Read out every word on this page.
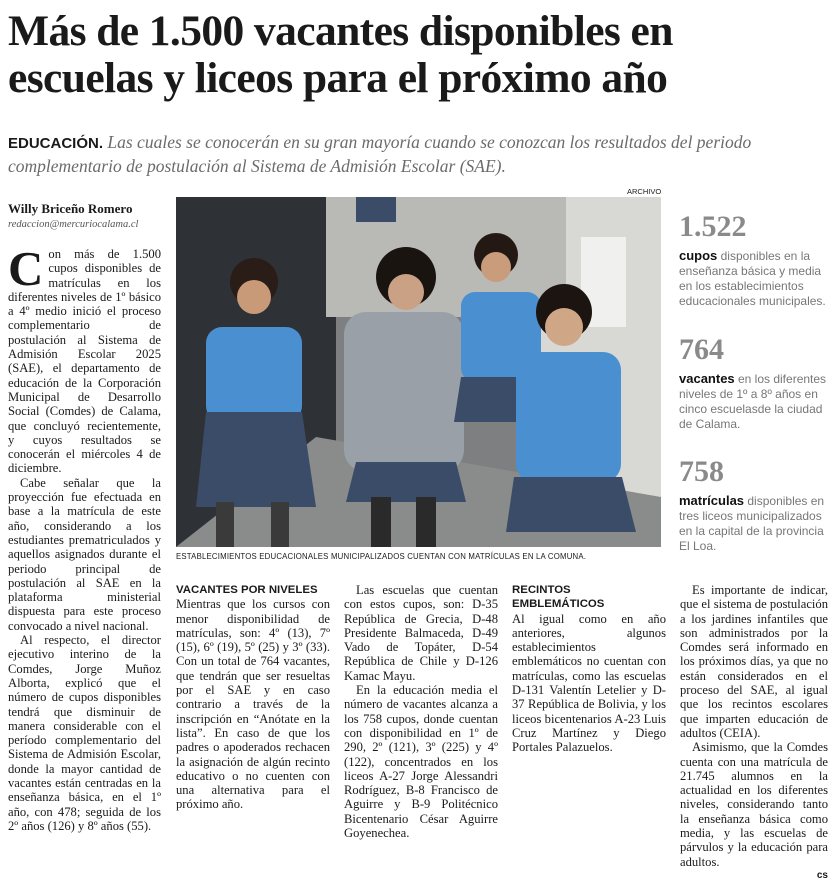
Más de 1.500 vacantes disponibles en escuelas y liceos para el próximo año

EDUCACIÓN. Las cuales se conocerán en su gran mayoría cuando se conozcan los resultados del periodo complementario de postulación al Sistema de Admisión Escolar (SAE).

Willy Briceño Romero
redaccion@mercuriocalama.cl
C on más de 1.500 cupos disponibles de matrículas en los diferentes niveles de 1º básico a 4º medio inició el proceso complementario de postulación al Sistema de Admisión Escolar 2025 (SAE), el departamento de educación de la Corporación Municipal de Desarrollo Social (Comdes) de Calama, que concluyó recientemente, y cuyos resultados se conocerán el miércoles 4 de diciembre.

Cabe señalar que la proyección fue efectuada en base a la matrícula de este año, considerando a los estudiantes prematriculados y aquellos asignados durante el periodo principal de postulación al SAE en la plataforma ministerial dispuesta para este proceso convocado a nivel nacional.

Al respecto, el director ejecutivo interino de la Comdes, Jorge Muñoz Alborta, explicó que el número de cupos disponibles tendrá que disminuir de manera considerable con el período complementario del Sistema de Admisión Escolar, donde la mayor cantidad de vacantes están centradas en la enseñanza básica, en el 1º año, con 478; seguida de los 2º años (126) y 8º años (55).

ARCHIVO
ESTABLECIMIENTOS EDUCACIONALES MUNICIPALIZADOS CUENTAN CON MATRÍCULAS EN LA COMUNA.
1.522
cupos disponibles en la enseñanza básica y media en los establecimientos educacionales municipales.
764
vacantes en los diferentes niveles de 1º a 8º años en cinco escuelasde la ciudad de Calama.
758
matrículas disponibles en tres liceos municipalizados en la capital de la provincia El Loa.

VACANTES POR NIVELES

Mientras que los cursos con menor disponibilidad de matrículas, son: 4º (13), 7º (15), 6º (19), 5º (25) y 3º (33). Con un total de 764 vacantes, que tendrán que ser resueltas por el SAE y en caso contrario a través de la inscripción en “Anótate en la lista”. En caso de que los padres o apoderados rechacen la asignación de algún recinto educativo o no cuenten con una alternativa para el próximo año.

Las escuelas que cuentan con estos cupos, son: D-35 República de Grecia, D-48 Presidente Balmaceda, D-49 Vado de Topáter, D-54 República de Chile y D-126 Kamac Mayu.

En la educación media el número de vacantes alcanza a los 758 cupos, donde cuentan con disponibilidad en 1º de 290, 2º (121), 3º (225) y 4º (122), concentrados en los liceos A-27 Jorge Alessandri Rodríguez, B-8 Francisco de Aguirre y B-9 Politécnico Bicentenario César Aguirre Goyenechea.

RECINTOS EMBLEMÁTICOS

Al igual como en año anteriores, algunos establecimientos emblemáticos no cuentan con matrículas, como las escuelas D-131 Valentín Letelier y D-37 República de Bolivia, y los liceos bicentenarios A-23 Luis Cruz Martínez y Diego Portales Palazuelos.

Es importante de indicar, que el sistema de postulación a los jardines infantiles que son administrados por la Comdes será informado en los próximos días, ya que no están considerados en el proceso del SAE, al igual que los recintos escolares que imparten educación de adultos (CEIA).

Asimismo, que la Comdes cuenta con una matrícula de 21.745 alumnos en la actualidad en los diferentes niveles, considerando tanto la enseñanza básica como media, y las escuelas de párvulos y la educación para adultos.

cs
